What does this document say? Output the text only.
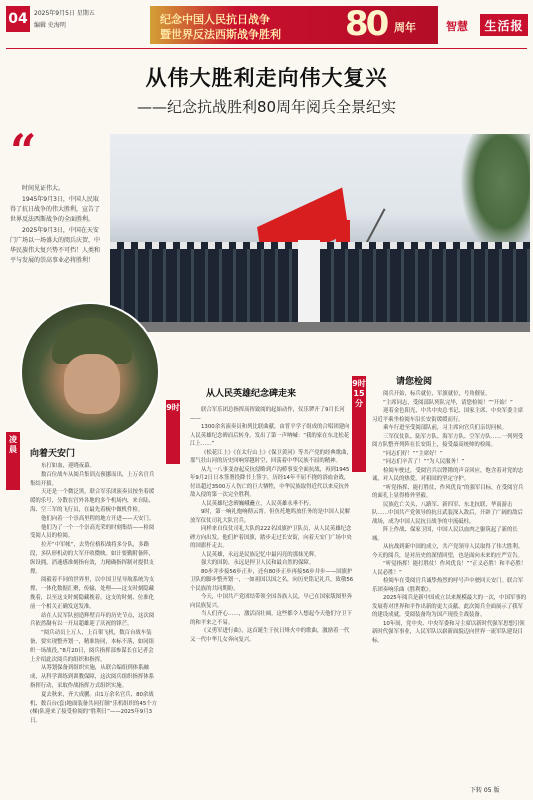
04	2025年9月5日 星期五
编辑 史海明	纪念中国人民抗日战争
暨世界反法西斯战争胜利 80 周年	智慧	生活报
从伟大胜利走向伟大复兴
——纪念抗战胜利80周年阅兵全景纪实
“

时间见证伟大。

1945年9月3日，中国人民取得了抗日战争的伟大胜利，宣告了世界反法西斯战争的全面胜利。

2025年9月3日，中国在天安门广场以一场盛大的阅兵庆贺，中华民族伟大复兴势不可挡！人类和平与发展的崇高事业必将胜利！

凌晨	向着天安门

东打如血，迎晓夜幕。

数百位战车从阅兵集训点预挪而出，上万名官兵集结开拔。

天还是一个微泛黑，联合军乐团演奏员按坐着缓缓的乐号，分散在宫外各地的多个机场内，来自陆、海、空三军的飞行员，在最先着梳中做机件检。

他们向着一个崇高里程的地方开进——天安门。

他们为了一个一个崇高光荣的时刻集结——检阅受阅人员的检阅。

拉开“中军帐”，去势位格积战将多分队，多路段，多队形机动的大军开收微映。如计要勤附备阵，纵设拥，消速感准刻指有效，力精确指挥制对提供支撑。

阅毅着不同的世界里，以中国卫星导航系统为支撑，一体化数据汇聚，传输，处理——这支时刻隐藏挽着，以至这支时刻隐藏挽着，这支的时刻、位准化前一个相关正确发送发准。

站在人民军队创造辉壁百年的历史节点，这次阅兵依然凝有以一开局超雄迎了庆祝的锋芒。

“阅兵动员上万人，上百架飞机，数百台战车装备，要实现整齐划一，精准协同，本标不落，如同组织一场战役。”8月20日，阅兵指挥部参谋长在记者会上介绍此次阅兵的组织和指挥。

从筹划保备到组织实施，从联合编组到体系融成，从科学训练到训教保障，这次阅兵组织指挥体系指挥行动，采取作战指挥方式组织实施。

夏去秋来，齐大成鹏。由1万余名官兵、80余战机、数百台(套)地面装备共同打制“乐机组织的45个方(梯)队迎来了接受检阅的“胜利日”——2025年9月3日。

9时
从人民英雄纪念碑走来

联合军乐团总指挥高挥致阅的起始动作，仪乐锣开了9月长河——

1300余名演奏员和列比联曲献，由普平学子组成的合唱团建向人民英雄纪念碑而后转身，发出了第一声呐喊：“我的家在东北松花江上……”

《松花江上》《在太行山上》《保卫黄河》等共产党的经典歌曲，那气壮山河的历史回响穿越时空，回荡着中华民族不屈的精神。

从九一八事变奋起反抗侵略到卢沟桥事变全面抗战，再到1945年9月2日日本签署投降书上签字，历经14年不屈不挠的浴血奋战，付出超过3500万人伤亡的巨大牺牲，中华民族取得近代以来反抗外敌入侵的第一次完全胜利。

人民英雄纪念碑巍峨矗立，人民英雄永垂不朽。

9时，第一响礼炮响彻云霄。但鱼托地呜放任务的是中国人民解放军仪仗司礼大队官兵。

同样来自仪仗司礼大队的222名国旗护卫队员，从人民英雄纪念碑方向出发。他们护着国旗，踏步走过长安街，向着天安门广场中央的国旗杆走去。

人民英雄，永远是民族记忆中最闪亮的那抹光辉。

强大的国防，永远是捍卫人民和最自然的保障。

80步并步接56步正步，还有80步正步再接56步并步——国旗护卫队的脚步整齐划一，一如祖国以国之名，向历史铭记礼兵，致敬56个民族的共同期盼。

今天，中国共产党团结带领全国各族人民，早已在国家版图里奔向民族复兴。

当人们齐心……，激活而壮阔，这些都令人想起今天他们守卫下的和平来之不易。

《义勇军进行曲》，这首诞生于抗日烽火中的歌曲，激励着一代又一代中华儿女奔向复兴。

9时15分
请您检阅

阅兵开始，标兵就位，军旗就位，号角催征。

“主席同志，受阅部队列队完毕，请您检阅！”“开始！”

迎着金色阳光，中共中央总书记、国家主席、中央军委主席习近平乘坐检阅车沿长安街缓缓而行。

乘车行进至受阅部队前，习主席向官兵们亲切问候。

三军仪仗队、陆军方队、海军方队、空军方队……一列列受阅方队整齐列阵在长安街上，接受最高统帅的检阅。

“同志们好！”“主席好！”

“同志们辛苦了！”“为人民服务！”

检阅车驶过，受阅官兵以铿锵的声音回应，饱含着对党的忠诚，对人民的热爱，对祖国的坚定守护。

“听党指挥、能打胜仗、作风优良”的强军目标，在受阅官兵的面孔上显得格外坚毅。

民族危亡关头，八路军、新四军、东北抗联、华南游击队……中国共产党领导的抗日武装深入敌后，开辟了广阔的敌后战场，成为中国人民抗日战争的中流砥柱。

阵上作战、保家卫国，中国人民以血肉之躯筑起了新的长城。

从抗战到新中国的成立，共产党领导人民取得了伟大胜利。今天的阅兵，是对历史的深情回望，也是面向未来的庄严宣告。

“听觉指挥！能打胜仗！作风优良！”“正义必胜！和平必胜！人民必胜！”

检阅车在受阅官兵诚挚热烈的呼号声中驶回天安门。联合军乐团奏响乐曲《胜利歌》。

2025年阅兵是新中国成立以来规模最大的一次，中国军事的发展将对世界和平作出新的更大贡献。此次阅兵全面展示了我军的建设成就，受阅装备均为国产现役主战装备。

10年间，党中央、中央军委和习主席以新时代强军思想引领新时代强军事业，人民军队以崭新面貌迈向世界一流军队建设目标。

下转 05 版
